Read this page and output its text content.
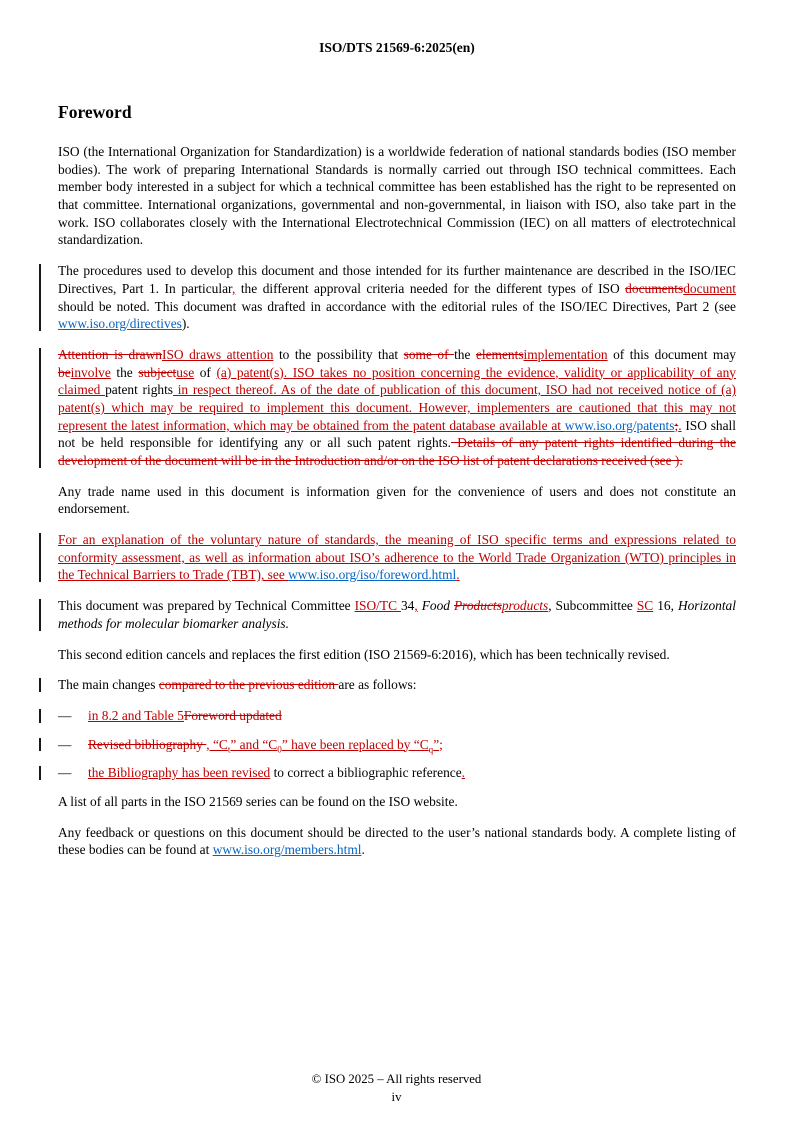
ISO/DTS 21569-6:2025(en)
Foreword

ISO (the International Organization for Standardization) is a worldwide federation of national standards bodies (ISO member bodies). The work of preparing International Standards is normally carried out through ISO technical committees. Each member body interested in a subject for which a technical committee has been established has the right to be represented on that committee. International organizations, governmental and non-governmental, in liaison with ISO, also take part in the work. ISO collaborates closely with the International Electrotechnical Commission (IEC) on all matters of electrotechnical standardization.

The procedures used to develop this document and those intended for its further maintenance are described in the ISO/IEC Directives, Part 1. In particular, the different approval criteria needed for the different types of ISO documentsdocument should be noted. This document was drafted in accordance with the editorial rules of the ISO/IEC Directives, Part 2 (see www.iso.org/directives).

Attention is drawnISO draws attention to the possibility that some of the elementsimplementation of this document may beinvolve the subjectuse of (a) patent(s). ISO takes no position concerning the evidence, validity or applicability of any claimed patent rights in respect thereof. As of the date of publication of this document, ISO had not received notice of (a) patent(s) which may be required to implement this document. However, implementers are cautioned that this may not represent the latest information, which may be obtained from the patent database available at www.iso.org/patents;. ISO shall not be held responsible for identifying any or all such patent rights. Details of any patent rights identified during the development of the document will be in the Introduction and/or on the ISO list of patent declarations received (see ).

Any trade name used in this document is information given for the convenience of users and does not constitute an endorsement.

For an explanation of the voluntary nature of standards, the meaning of ISO specific terms and expressions related to conformity assessment, as well as information about ISO’s adherence to the World Trade Organization (WTO) principles in the Technical Barriers to Trade (TBT), see www.iso.org/iso/foreword.html.

This document was prepared by Technical Committee ISO/TC 34, Food Productsproducts, Subcommittee SC 16, Horizontal methods for molecular biomarker analysis.

This second edition cancels and replaces the first edition (ISO 21569-6:2016), which has been technically revised.

The main changes compared to the previous edition are as follows:

— in 8.2 and Table 5Foreword updated

— Revised bibliography , “$C_t$” and “$C_0$” have been replaced by “$C_q$”;

— the Bibliography has been revised to correct a bibliographic reference.

A list of all parts in the ISO 21569 series can be found on the ISO website.

Any feedback or questions on this document should be directed to the user’s national standards body. A complete listing of these bodies can be found at www.iso.org/members.html.

© ISO 2025 – All rights reserved
iv
